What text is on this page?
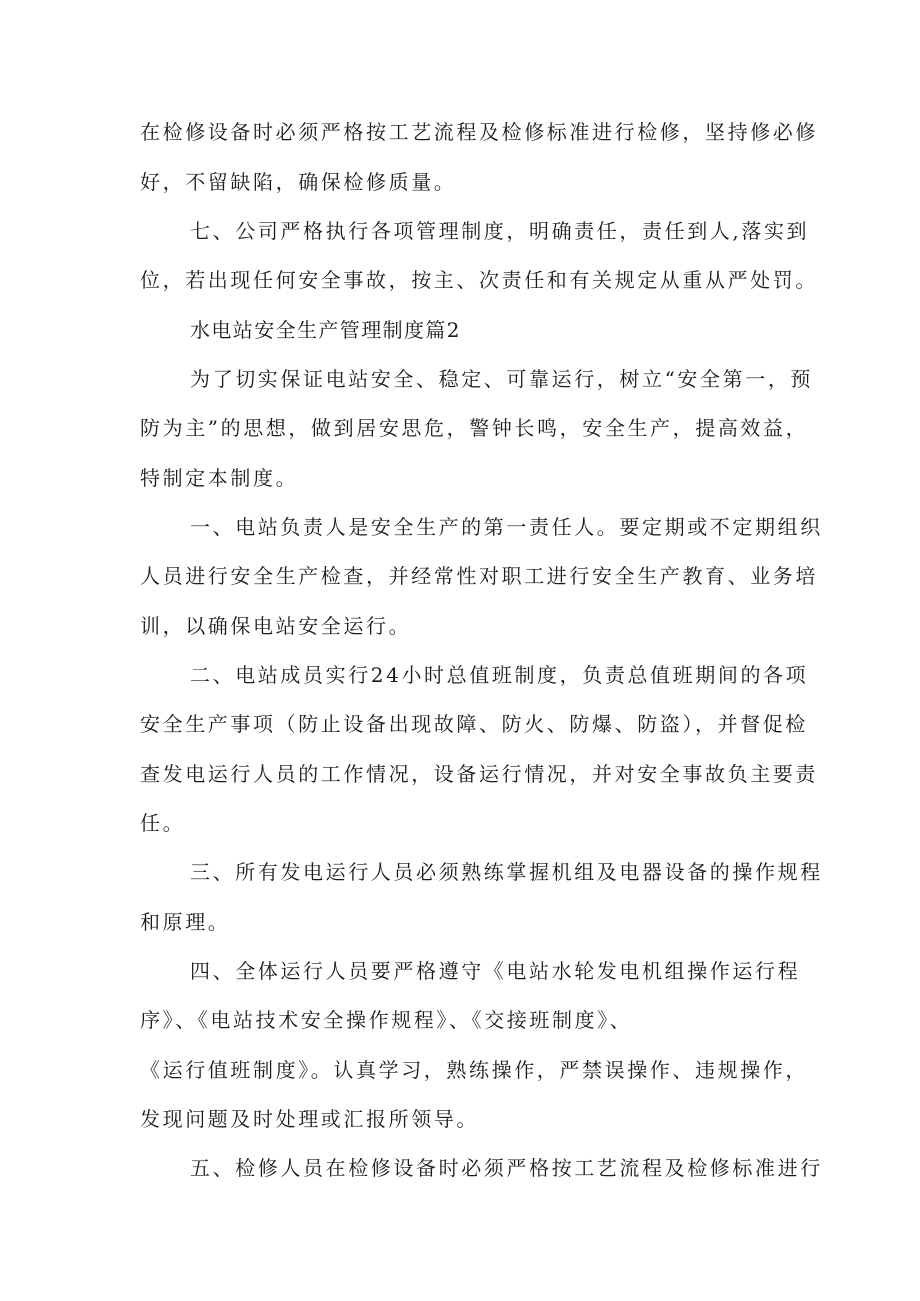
在检修设备时必须严格按工艺流程及检修标准进行检修，坚持修必修
好，不留缺陷，确保检修质量。
七、公司严格执行各项管理制度，明确责任，责任到人,落实到
位，若出现任何安全事故，按主、次责任和有关规定从重从严处罚。
水电站安全生产管理制度篇2
为了切实保证电站安全、稳定、可靠运行，树立“安全第一，预
防为主”的思想，做到居安思危，警钟长鸣，安全生产，提高效益，
特制定本制度。
一、电站负责人是安全生产的第一责任人。要定期或不定期组织
人员进行安全生产检查，并经常性对职工进行安全生产教育、业务培
训，以确保电站安全运行。
二、电站成员实行24小时总值班制度，负责总值班期间的各项
安全生产事项（防止设备出现故障、防火、防爆、防盗），并督促检
查发电运行人员的工作情况，设备运行情况，并对安全事故负主要责
任。
三、所有发电运行人员必须熟练掌握机组及电器设备的操作规程
和原理。
四、全体运行人员要严格遵守《电站水轮发电机组操作运行程
序》、《电站技术安全操作规程》、《交接班制度》、
《运行值班制度》。认真学习，熟练操作，严禁误操作、违规操作，
发现问题及时处理或汇报所领导。
五、检修人员在检修设备时必须严格按工艺流程及检修标准进行
